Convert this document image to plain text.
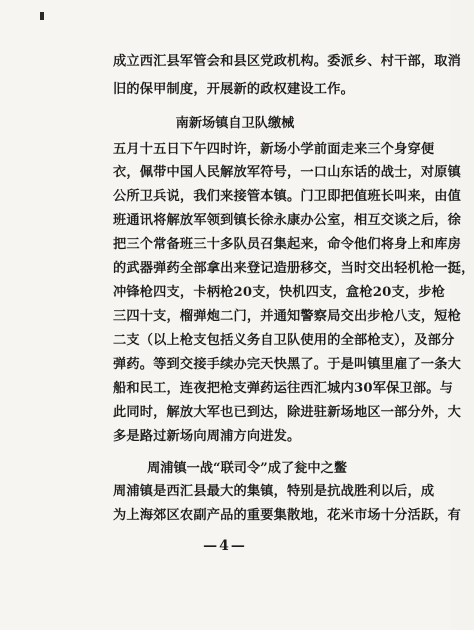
成立西汇县军管会和县区党政机构。委派乡、村干部，取消
旧的保甲制度，开展新的政权建设工作。
南新场镇自卫队缴械
五月十五日下午四时许，新场小学前面走来三个身穿便
衣，佩带中国人民解放军符号，一口山东话的战士，对原镇
公所卫兵说，我们来接管本镇。门卫即把值班长叫来，由值
班通讯将解放军领到镇长徐永康办公室，相互交谈之后，徐
把三个常备班三十多队员召集起来，命令他们将身上和库房
的武器弹药全部拿出来登记造册移交，当时交出轻机枪一挺，
冲锋枪四支，卡柄枪20支，快机四支，盒枪20支，步枪
三四十支，榴弹炮二门，并通知警察局交出步枪八支，短枪
二支（以上枪支包括义务自卫队使用的全部枪支），及部分
弹药。等到交接手续办完天快黑了。于是叫镇里雇了一条大
船和民工，连夜把枪支弹药运往西汇城内30军保卫部。与
此同时，解放大军也已到达，除进驻新场地区一部分外，大
多是路过新场向周浦方向进发。
周浦镇一战“联司令”成了瓮中之鳖
周浦镇是西汇县最大的集镇，特别是抗战胜利以后，成
为上海郊区农副产品的重要集散地，花米市场十分活跃，有
—4—
